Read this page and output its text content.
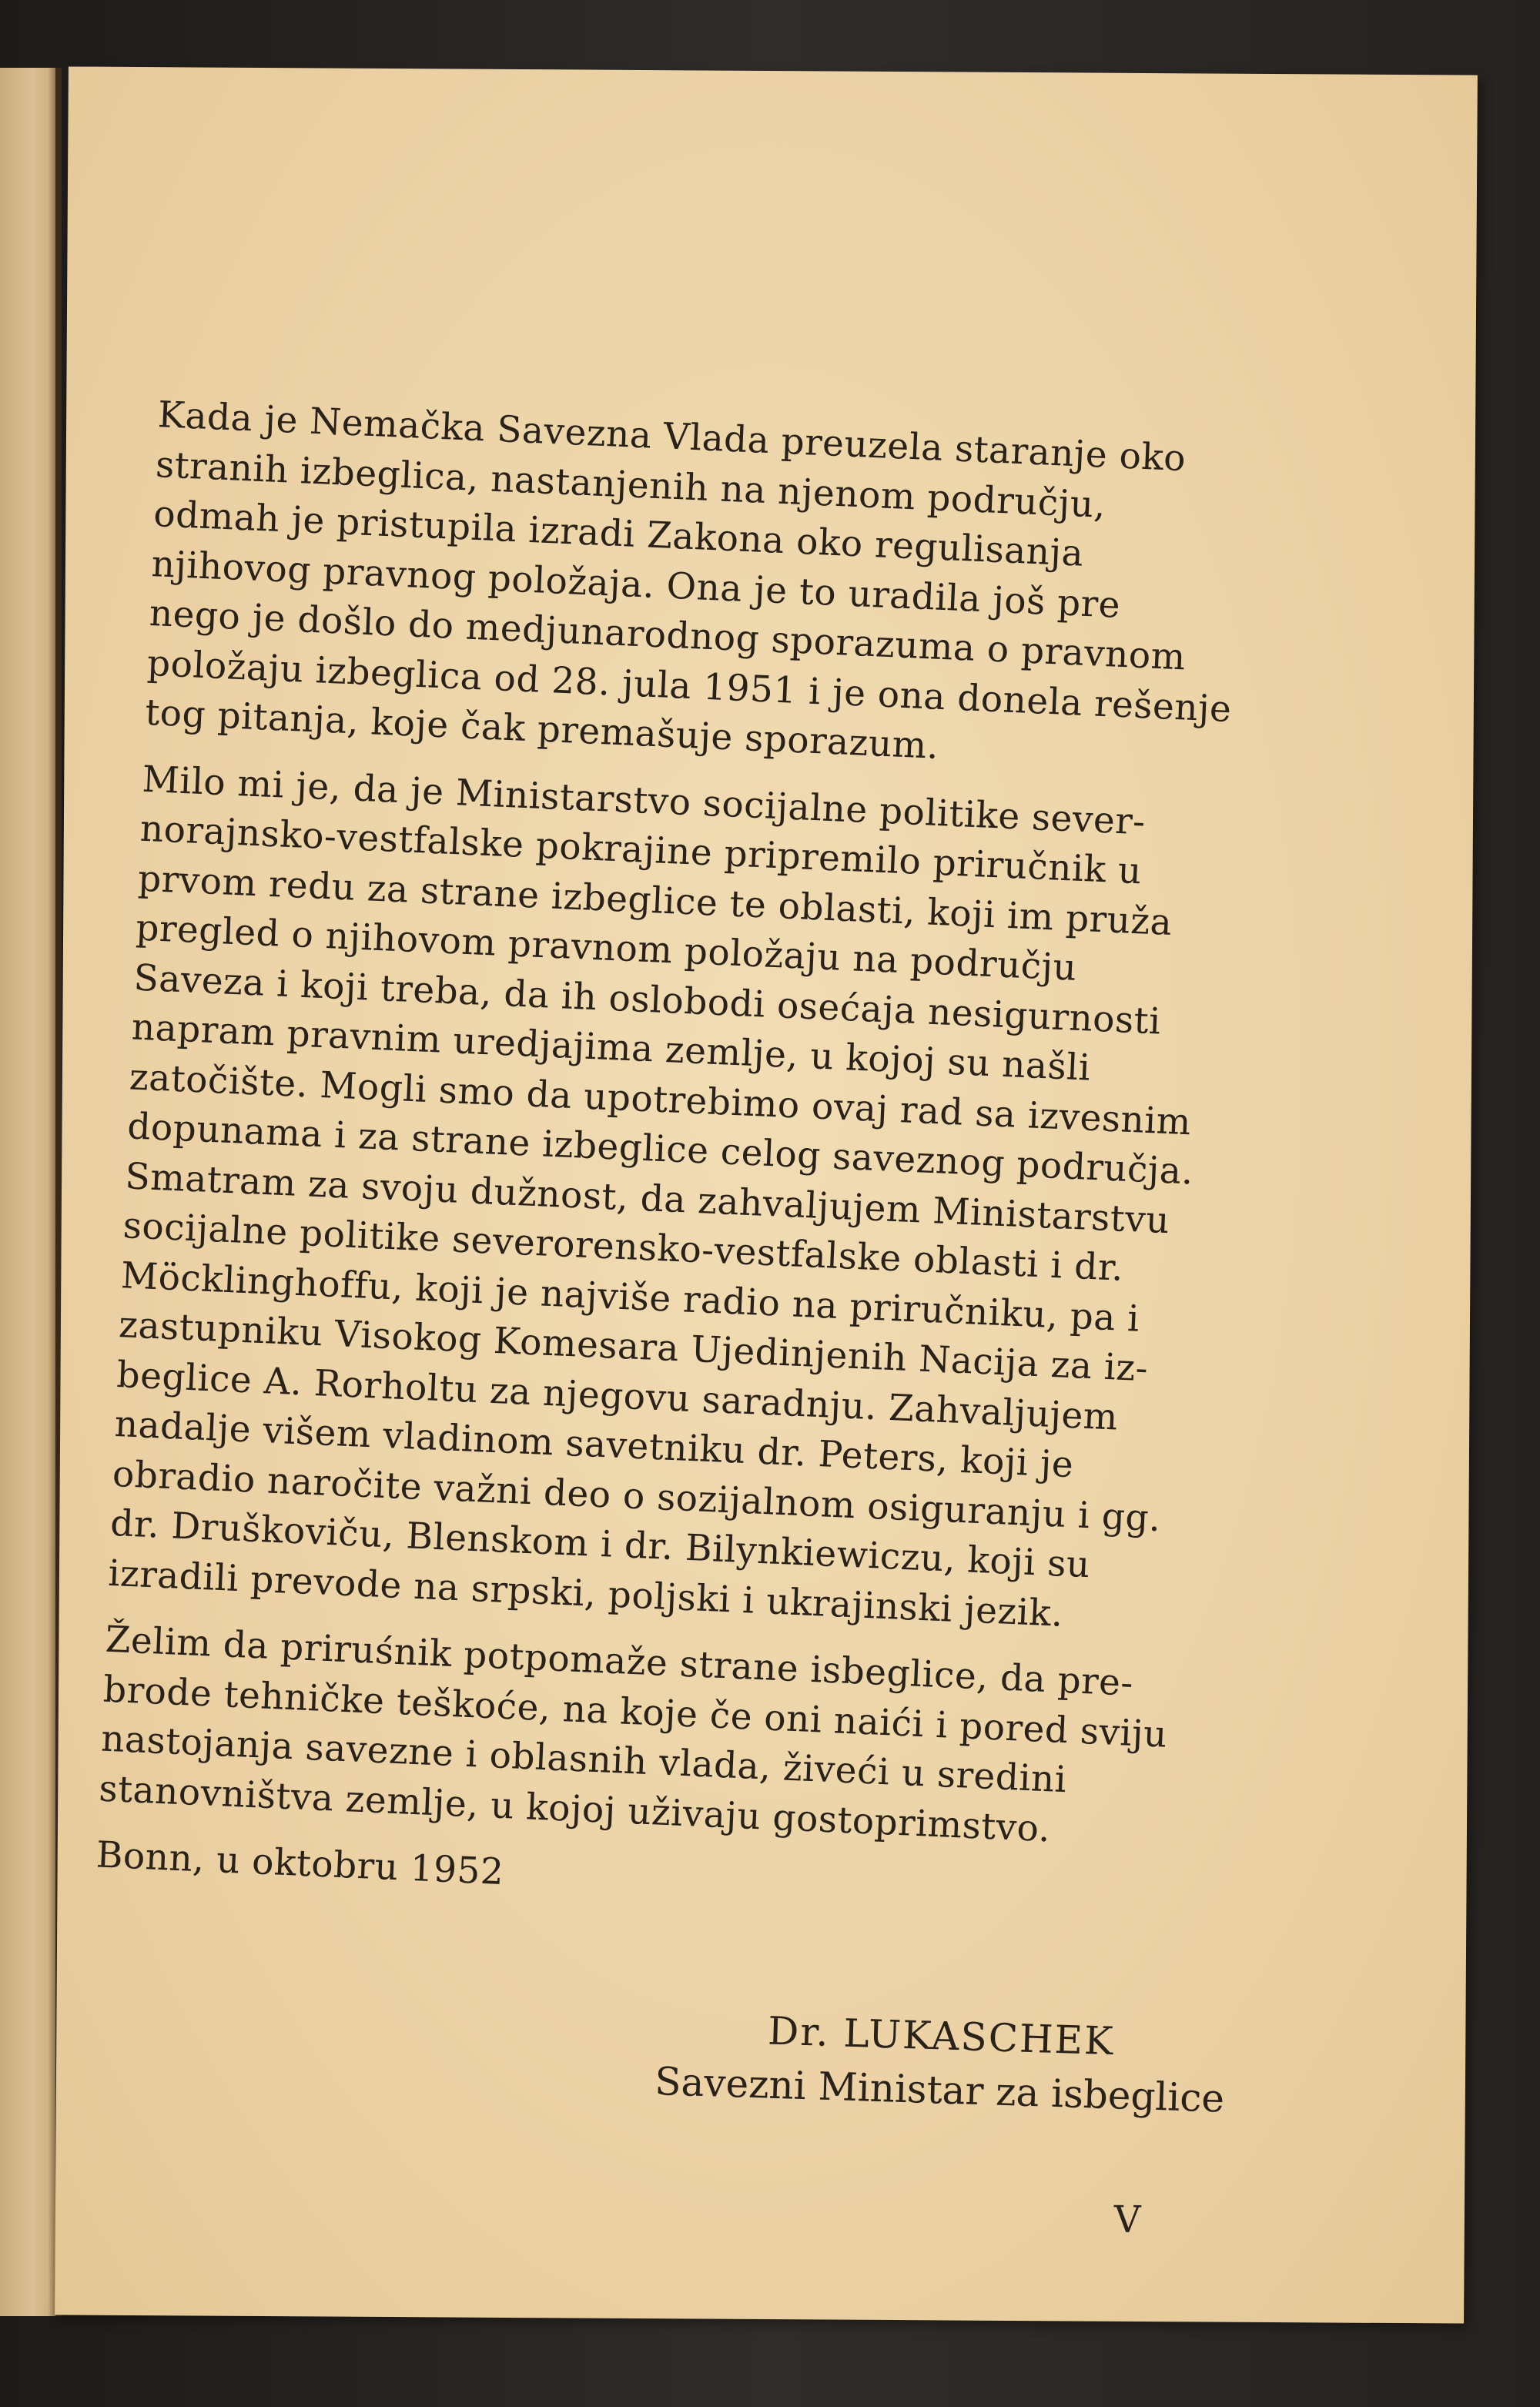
Kada je Nemačka Savezna Vlada preuzela staranje oko
stranih izbeglica, nastanjenih na njenom području,
odmah je pristupila izradi Zakona oko regulisanja
njihovog pravnog položaja. Ona je to uradila još pre
nego je došlo do medjunarodnog sporazuma o pravnom
položaju izbeglica od 28. jula 1951 i je ona donela rešenje
tog pitanja, koje čak premašuje sporazum.

Milo mi je, da je Ministarstvo socijalne politike sever-
norajnsko-vestfalske pokrajine pripremilo priručnik u
prvom redu za strane izbeglice te oblasti, koji im pruža
pregled o njihovom pravnom položaju na području
Saveza i koji treba, da ih oslobodi osećaja nesigurnosti
napram pravnim uredjajima zemlje, u kojoj su našli
zatočište. Mogli smo da upotrebimo ovaj rad sa izvesnim
dopunama i za strane izbeglice celog saveznog područja.
Smatram za svoju dužnost, da zahvaljujem Ministarstvu
socijalne politike severorensko-vestfalske oblasti i dr.
Möcklinghoffu, koji je najviše radio na priručniku, pa i
zastupniku Visokog Komesara Ujedinjenih Nacija za iz-
beglice A. Rorholtu za njegovu saradnju. Zahvaljujem
nadalje višem vladinom savetniku dr. Peters, koji je
obradio naročite važni deo o sozijalnom osiguranju i gg.
dr. Druškoviču, Blenskom i dr. Bilynkiewiczu, koji su
izradili prevode na srpski, poljski i ukrajinski jezik.

Želim da priruśnik potpomaže strane isbeglice, da pre-
brode tehničke teškoće, na koje če oni naići i pored sviju
nastojanja savezne i oblasnih vlada, živeći u sredini
stanovništva zemlje, u kojoj uživaju gostoprimstvo.

Bonn, u oktobru 1952

Dr. LUKASCHEK
Savezni Ministar za isbeglice
V
